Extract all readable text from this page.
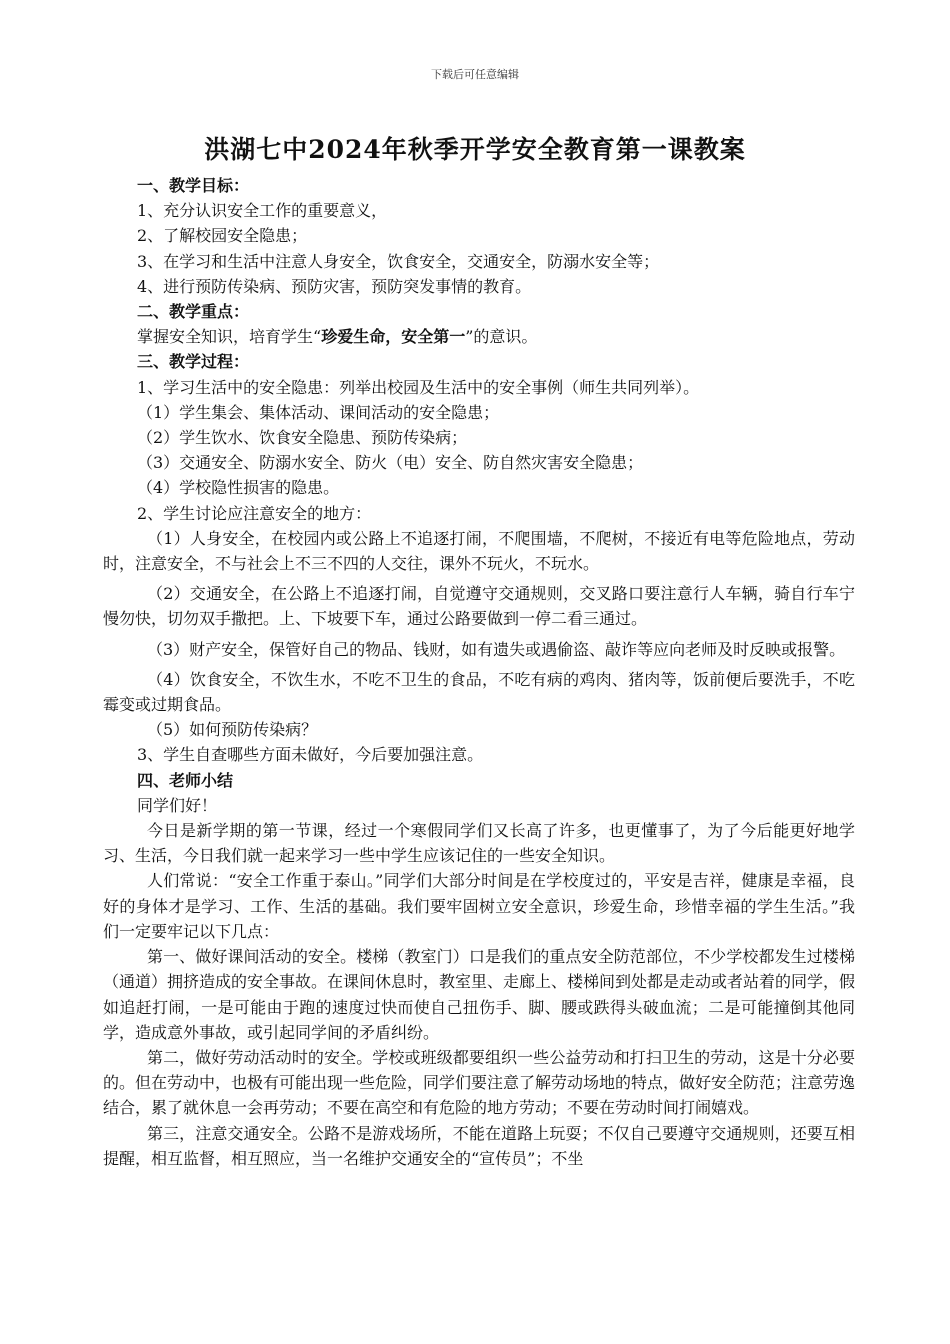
下载后可任意编辑
洪湖七中2024年秋季开学安全教育第一课教案

一、教学目标：

1、充分认识安全工作的重要意义，

2、了解校园安全隐患；

3、在学习和生活中注意人身安全，饮食安全，交通安全，防溺水安全等；

4、进行预防传染病、预防灾害，预防突发事情的教育。

二、教学重点：

掌握安全知识，培育学生“珍爱生命，安全第一”的意识。

三、教学过程：

1、学习生活中的安全隐患：列举出校园及生活中的安全事例（师生共同列举）。

（1）学生集会、集体活动、课间活动的安全隐患；

（2）学生饮水、饮食安全隐患、预防传染病；

（3）交通安全、防溺水安全、防火（电）安全、防自然灾害安全隐患；

（4）学校隐性损害的隐患。

2、学生讨论应注意安全的地方：

（1）人身安全，在校园内或公路上不追逐打闹，不爬围墙，不爬树，不接近有电等危险地点，劳动时，注意安全，不与社会上不三不四的人交往，课外不玩火，不玩水。

（2）交通安全，在公路上不追逐打闹，自觉遵守交通规则，交叉路口要注意行人车辆，骑自行车宁慢勿快，切勿双手撒把。上、下坡要下车，通过公路要做到一停二看三通过。

（3）财产安全，保管好自己的物品、钱财，如有遗失或遇偷盗、敲诈等应向老师及时反映或报警。

（4）饮食安全，不饮生水，不吃不卫生的食品，不吃有病的鸡肉、猪肉等，饭前便后要洗手，不吃霉变或过期食品。

（5）如何预防传染病？

3、学生自查哪些方面未做好，今后要加强注意。

四、老师小结

同学们好！

今日是新学期的第一节课，经过一个寒假同学们又长高了许多，也更懂事了，为了今后能更好地学习、生活，今日我们就一起来学习一些中学生应该记住的一些安全知识。

人们常说：“安全工作重于泰山。”同学们大部分时间是在学校度过的，平安是吉祥，健康是幸福，良好的身体才是学习、工作、生活的基础。我们要牢固树立安全意识，珍爱生命，珍惜幸福的学生生活。”我们一定要牢记以下几点：

第一、做好课间活动的安全。楼梯（教室门）口是我们的重点安全防范部位，不少学校都发生过楼梯（通道）拥挤造成的安全事故。在课间休息时，教室里、走廊上、楼梯间到处都是走动或者站着的同学，假如追赶打闹，一是可能由于跑的速度过快而使自己扭伤手、脚、腰或跌得头破血流；二是可能撞倒其他同学，造成意外事故，或引起同学间的矛盾纠纷。

第二，做好劳动活动时的安全。学校或班级都要组织一些公益劳动和打扫卫生的劳动，这是十分必要的。但在劳动中，也极有可能出现一些危险，同学们要注意了解劳动场地的特点，做好安全防范；注意劳逸结合，累了就休息一会再劳动；不要在高空和有危险的地方劳动；不要在劳动时间打闹嬉戏。

第三，注意交通安全。公路不是游戏场所，不能在道路上玩耍；不仅自己要遵守交通规则，还要互相提醒，相互监督，相互照应，当一名维护交通安全的“宣传员”；不坐
